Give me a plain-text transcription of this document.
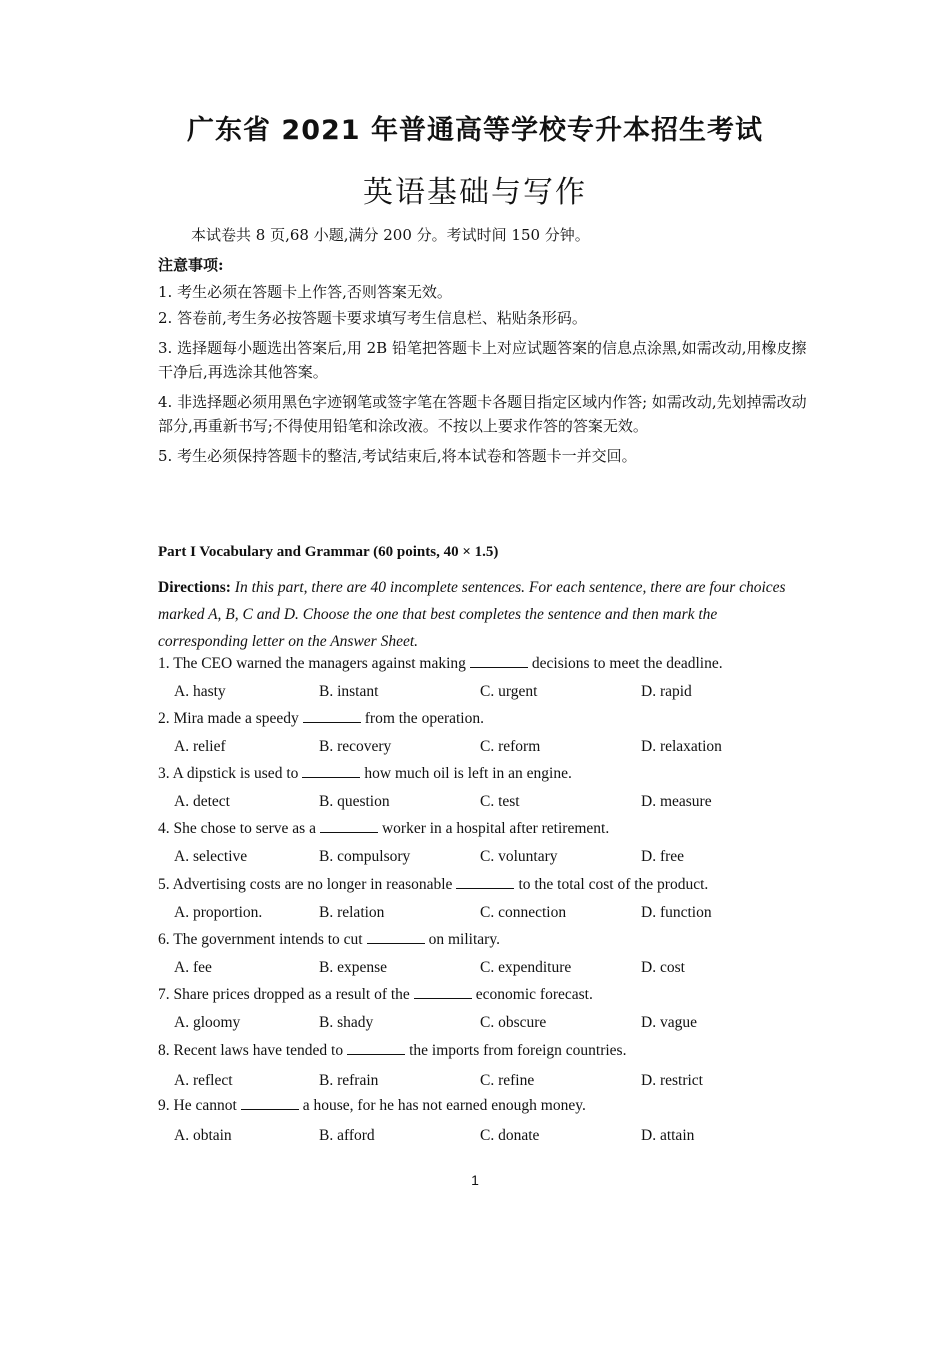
广东省 2021 年普通高等学校专升本招生考试
英语基础与写作
本试卷共 8 页,68 小题,满分 200 分。考试时间 150 分钟。
注意事项:
1. 考生必须在答题卡上作答,否则答案无效。
2. 答卷前,考生务必按答题卡要求填写考生信息栏、粘贴条形码。
3. 选择题每小题选出答案后,用 2B 铅笔把答题卡上对应试题答案的信息点涂黑,如需改动,用橡皮擦干净后,再选涂其他答案。
4. 非选择题必须用黑色字迹钢笔或签字笔在答题卡各题目指定区域内作答; 如需改动,先划掉需改动部分,再重新书写;不得使用铅笔和涂改液。不按以上要求作答的答案无效。
5. 考生必须保持答题卡的整洁,考试结束后,将本试卷和答题卡一并交回。
Part I Vocabulary and Grammar (60 points, 40 × 1.5)
Directions: In this part, there are 40 incomplete sentences. For each sentence, there are four choices marked A, B, C and D. Choose the one that best completes the sentence and then mark the corresponding letter on the Answer Sheet.
1. The CEO warned the managers against making	decisions to meet the deadline.
A. hasty	B. instant	C. urgent	D. rapid
2. Mira made a speedy	from the operation.
A. relief	B. recovery	C. reform	D. relaxation
3. A dipstick is used to	how much oil is left in an engine.
A. detect	B. question	C. test	D. measure
4. She chose to serve as a	worker in a hospital after retirement.
A. selective	B. compulsory	C. voluntary	D. free
5. Advertising costs are no longer in reasonable	to the total cost of the product.
A. proportion.	B. relation	C. connection	D. function
6. The government intends to cut	on military.
A. fee	B. expense	C. expenditure	D. cost
7. Share prices dropped as a result of the	economic forecast.
A. gloomy	B. shady	C. obscure	D. vague
8. Recent laws have tended to	the imports from foreign countries.
A. reflect	B. refrain	C. refine	D. restrict
9. He cannot	a house, for he has not earned enough money.
A. obtain	B. afford	C. donate	D. attain
1
